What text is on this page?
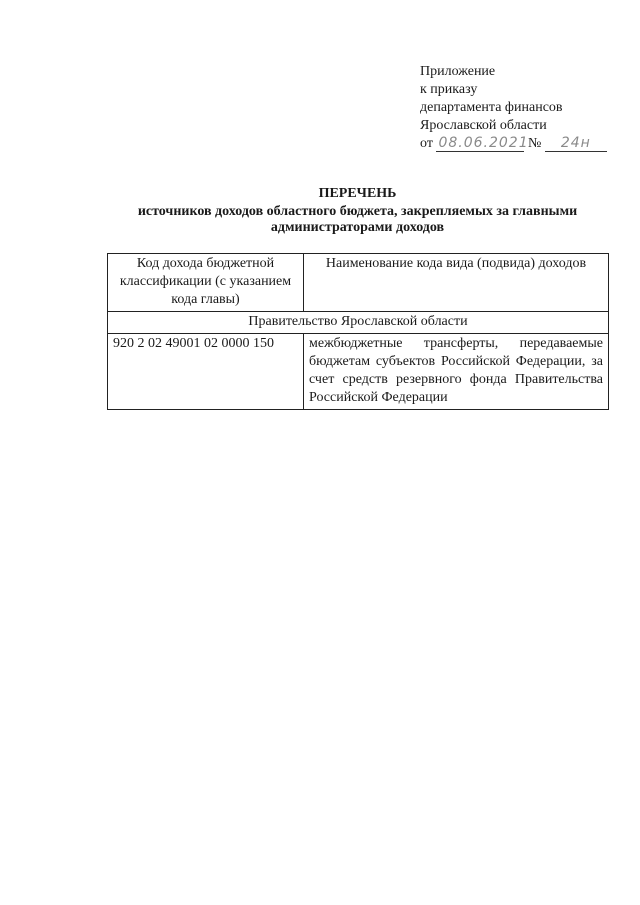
Приложение
к приказу
департамента финансов
Ярославской области
от 08.06.2021 № 24н
ПЕРЕЧЕНЬ
источников доходов областного бюджета, закрепляемых за главными администраторами доходов
Код дохода бюджетной классификации (с указанием кода главы)	Наименование кода вида (подвида) доходов
Правительство Ярославской области	
920 2 02 49001 02 0000 150	межбюджетные трансферты, передаваемые бюджетам субъектов Российской Федерации, за счет средств резервного фонда Правительства Российской Федерации
